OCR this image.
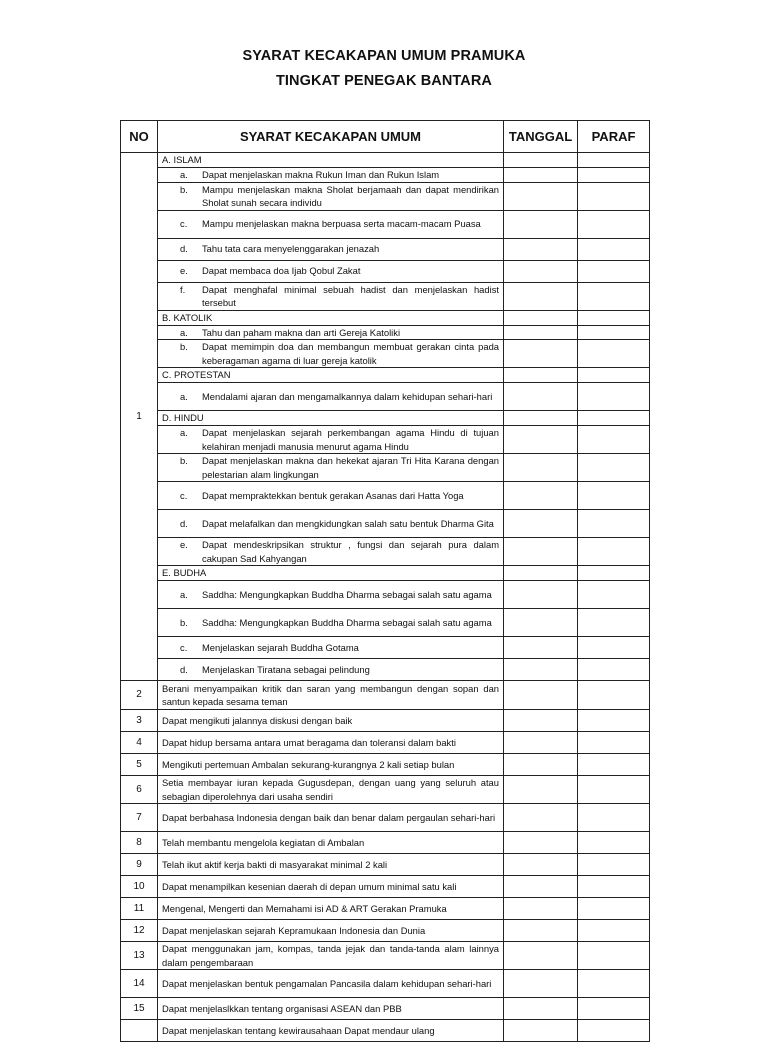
SYARAT KECAKAPAN UMUM PRAMUKA
TINGKAT PENEGAK BANTARA
NO	SYARAT KECAKAPAN UMUM	TANGGAL	PARAF
1	A. ISLAM		

	a. Dapat menjelaskan makna Rukun Iman dan Rukun Islam		

	b. Mampu menjelaskan makna Sholat berjamaah dan dapat mendirikan Sholat sunah secara individu		

	c. Mampu menjelaskan makna berpuasa serta macam-macam Puasa		

	d. Tahu tata cara menyelenggarakan jenazah		

	e. Dapat membaca doa Ijab Qobul Zakat		

	f. Dapat menghafal minimal sebuah hadist dan menjelaskan hadist tersebut		

	B. KATOLIK		

	a. Tahu dan paham makna dan arti Gereja Katoliki		

	b. Dapat memimpin doa dan membangun membuat gerakan cinta pada keberagaman agama di luar gereja katolik		

	C. PROTESTAN		

	a. Mendalami ajaran dan mengamalkannya dalam kehidupan sehari-hari		

	D. HINDU		

	a. Dapat menjelaskan sejarah perkembangan agama Hindu di tujuan kelahiran menjadi manusia menurut agama Hindu		

	b. Dapat menjelaskan makna dan hekekat ajaran Tri Hita Karana dengan pelestarian alam lingkungan		

	c. Dapat mempraktekkan bentuk gerakan Asanas dari Hatta Yoga		

	d. Dapat melafalkan dan mengkidungkan salah satu bentuk Dharma Gita		

	e. Dapat mendeskripsikan struktur , fungsi dan sejarah pura dalam cakupan Sad Kahyangan		

	E. BUDHA		

	a. Saddha: Mengungkapkan Buddha Dharma sebagai salah satu agama		

	b. Saddha: Mengungkapkan Buddha Dharma sebagai salah satu agama		

	c. Menjelaskan sejarah Buddha Gotama		

	d. Menjelaskan Tiratana sebagai pelindung		

2	Berani menyampaikan kritik dan saran yang membangun dengan sopan dan santun kepada sesama teman		
3	Dapat mengikuti jalannya diskusi dengan baik		
4	Dapat hidup bersama antara umat beragama dan toleransi dalam bakti		
5	Mengikuti pertemuan Ambalan sekurang-kurangnya 2 kali setiap bulan		
6	Setia membayar iuran kepada Gugusdepan, dengan uang yang seluruh atau sebagian diperolehnya dari usaha sendiri		
7	Dapat berbahasa Indonesia dengan baik dan benar dalam pergaulan sehari-hari		
8	Telah membantu mengelola kegiatan di Ambalan		
9	Telah ikut aktif kerja bakti di masyarakat minimal 2 kali		
10	Dapat menampilkan kesenian daerah di depan umum minimal satu kali		
11	Mengenal, Mengerti dan Memahami isi AD & ART Gerakan Pramuka		
12	Dapat menjelaskan sejarah Kepramukaan Indonesia dan Dunia		
13	Dapat menggunakan jam, kompas, tanda jejak dan tanda-tanda alam lainnya dalam pengembaraan		
14	Dapat menjelaskan bentuk pengamalan Pancasila dalam kehidupan sehari-hari		
15	Dapat menjelaslkkan tentang organisasi ASEAN dan PBB		
	Dapat menjelaskan tentang kewirausahaan Dapat mendaur ulang		
